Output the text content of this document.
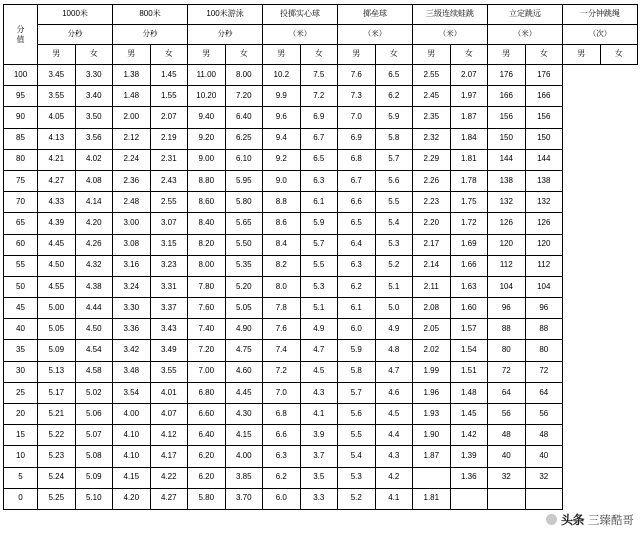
分
值	1000米		800米		100米游泳		投掷实心球		掷垒球		三级连续蛙跳		立定跳远		一分钟跳绳	
	分秒		分秒		分秒		（米）		（米）		（米）		（米）		（次）	
	男	女	男	女	男	女	男	女	男	女	男	女	男	女	男	女
100	3.45	3.30	1.38	1.45	11.00	8.00	10.2	7.5	7.6	6.5	2.55	2.07	176	176		
95	3.55	3.40	1.48	1.55	10.20	7.20	9.9	7.2	7.3	6.2	2.45	1.97	166	166		
90	4.05	3.50	2.00	2.07	9.40	6.40	9.6	6.9	7.0	5.9	2.35	1.87	156	156		
85	4.13	3.56	2.12	2.19	9.20	6.25	9.4	6.7	6.9	5.8	2.32	1.84	150	150		
80	4.21	4.02	2.24	2.31	9.00	6.10	9.2	6.5	6.8	5.7	2.29	1.81	144	144		
75	4.27	4.08	2.36	2.43	8.80	5.95	9.0	6.3	6.7	5.6	2.26	1.78	138	138		
70	4.33	4.14	2.48	2.55	8.60	5.80	8.8	6.1	6.6	5.5	2.23	1.75	132	132		
65	4.39	4.20	3.00	3.07	8.40	5.65	8.6	5.9	6.5	5.4	2.20	1.72	126	126		
60	4.45	4.26	3.08	3.15	8.20	5.50	8.4	5.7	6.4	5.3	2.17	1.69	120	120		
55	4.50	4.32	3.16	3.23	8.00	5.35	8.2	5.5	6.3	5.2	2.14	1.66	112	112		
50	4.55	4.38	3.24	3.31	7.80	5.20	8.0	5.3	6.2	5.1	2.11	1.63	104	104		
45	5.00	4.44	3.30	3.37	7.60	5.05	7.8	5.1	6.1	5.0	2.08	1.60	96	96		
40	5.05	4.50	3.36	3.43	7.40	4.90	7.6	4.9	6.0	4.9	2.05	1.57	88	88		
35	5.09	4.54	3.42	3.49	7.20	4.75	7.4	4.7	5.9	4.8	2.02	1.54	80	80		
30	5.13	4.58	3.48	3.55	7.00	4.60	7.2	4.5	5.8	4.7	1.99	1.51	72	72		
25	5.17	5.02	3.54	4.01	6.80	4.45	7.0	4.3	5.7	4.6	1.96	1.48	64	64		
20	5.21	5.06	4.00	4.07	6.60	4.30	6.8	4.1	5.6	4.5	1.93	1.45	56	56		
15	5.22	5.07	4.10	4.12	6.40	4.15	6.6	3.9	5.5	4.4	1.90	1.42	48	48		
10	5.23	5.08	4.10	4.17	6.20	4.00	6.3	3.7	5.4	4.3	1.87	1.39	40	40		
5	5.24	5.09	4.15	4.22	6.20	3.85	6.2	3.5	5.3	4.2		1.36	32	32		
0	5.25	5.10	4.20	4.27	5.80	3.70	6.0	3.3	5.2	4.1	1.81					
头条 三臻酷哥
